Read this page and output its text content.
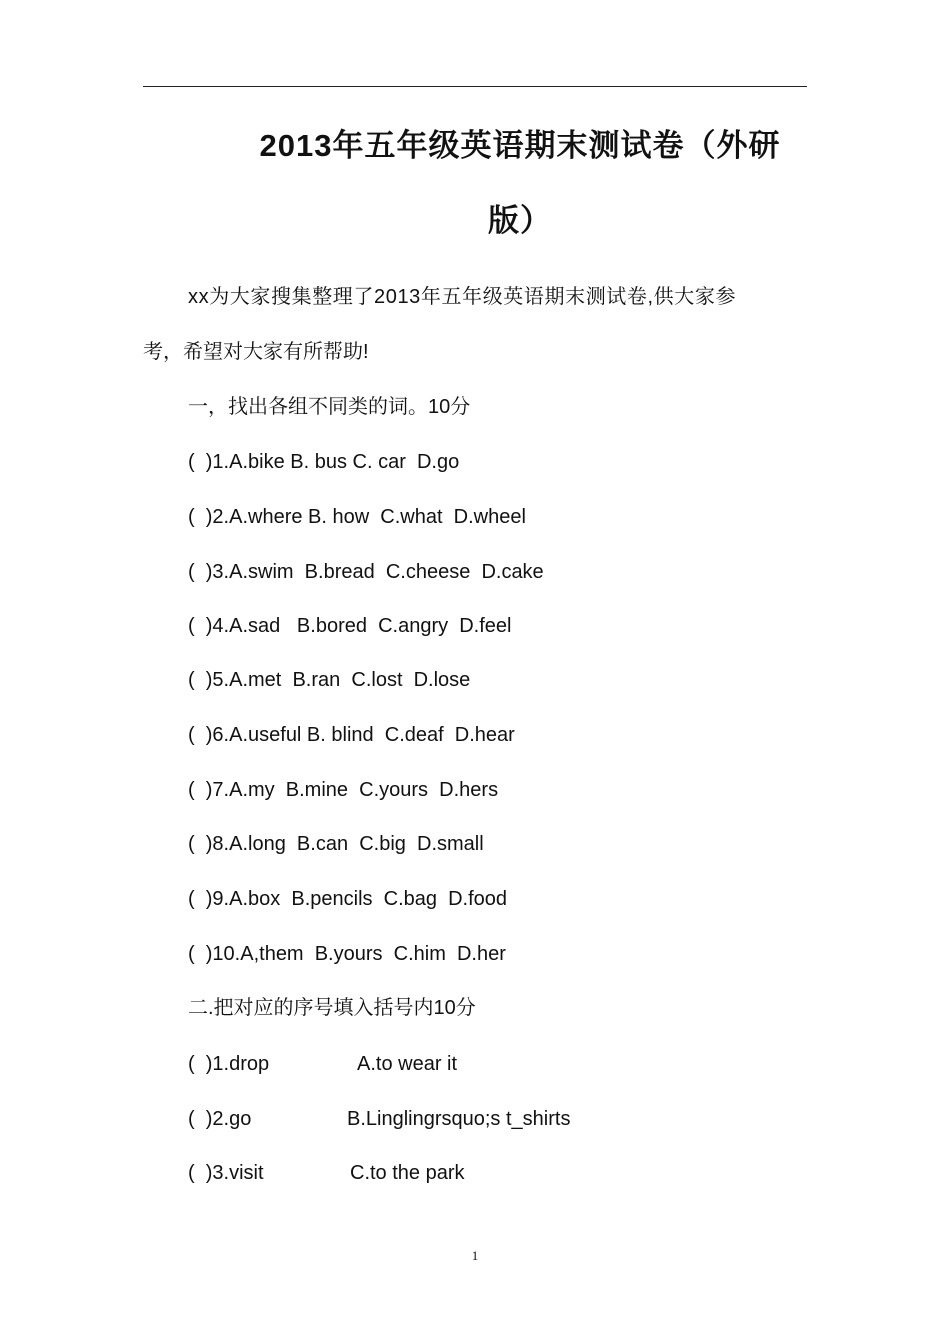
2013年五年级英语期末测试卷（外研
版）
xx为大家搜集整理了2013年五年级英语期末测试卷,供大家参
考，希望对大家有所帮助!
一，找出各组不同类的词。10分
(  )1.A.bike B. bus C. car  D.go
(  )2.A.where B. how  C.what  D.wheel
(  )3.A.swim  B.bread  C.cheese  D.cake
(  )4.A.sad   B.bored  C.angry  D.feel
(  )5.A.met  B.ran  C.lost  D.lose
(  )6.A.useful B. blind  C.deaf  D.hear
(  )7.A.my  B.mine  C.yours  D.hers
(  )8.A.long  B.can  C.big  D.small
(  )9.A.box  B.pencils  C.bag  D.food
(  )10.A,them  B.yours  C.him  D.her
二.把对应的序号填入括号内10分
(  )1.drop	A.to wear it
(  )2.go	B.Linglingrsquo;s t_shirts
(  )3.visit	C.to the park
1
